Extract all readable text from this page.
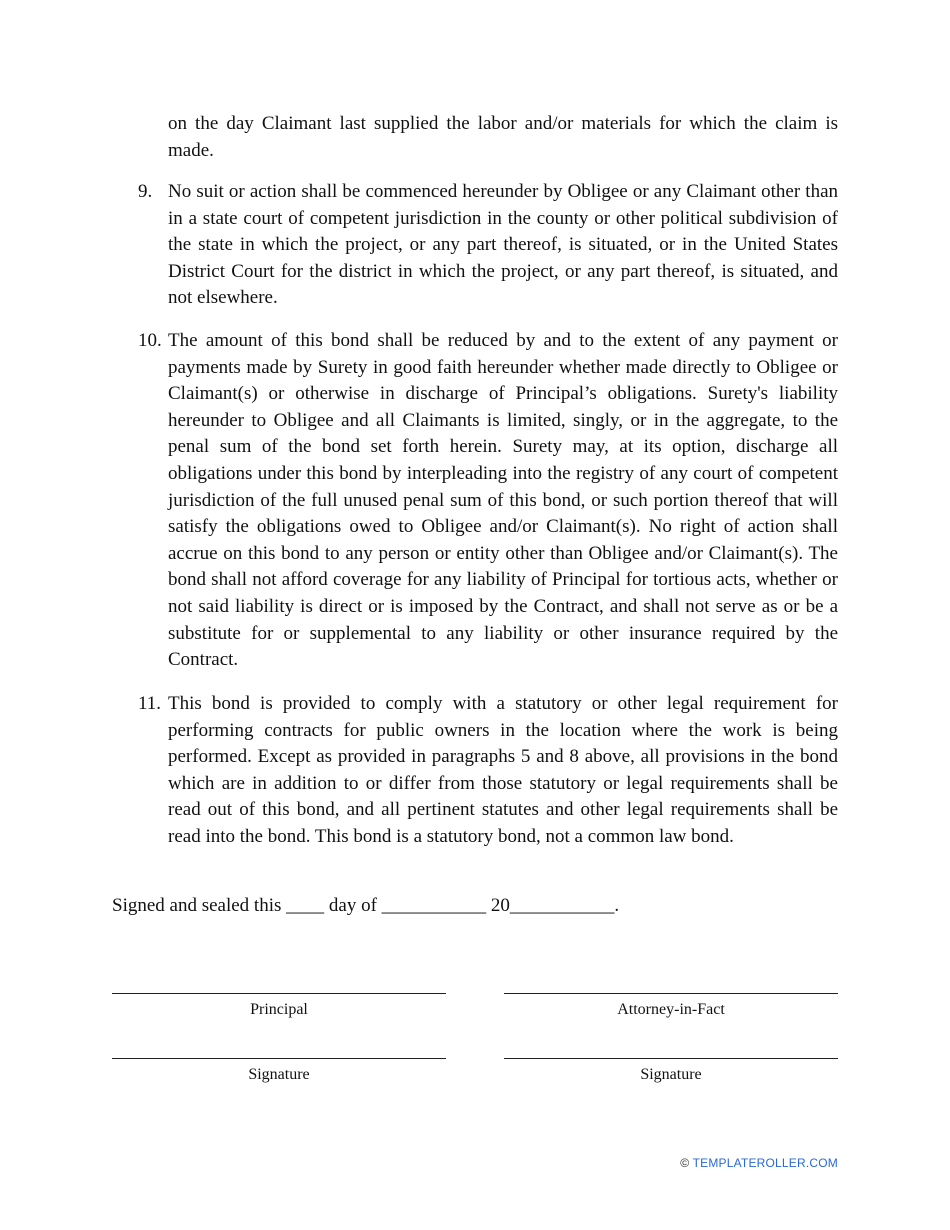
on the day Claimant last supplied the labor and/or materials for which the claim is made.
9. No suit or action shall be commenced hereunder by Obligee or any Claimant other than in a state court of competent jurisdiction in the county or other political subdivision of the state in which the project, or any part thereof, is situated, or in the United States District Court for the district in which the project, or any part thereof, is situated, and not elsewhere.
10. The amount of this bond shall be reduced by and to the extent of any payment or payments made by Surety in good faith hereunder whether made directly to Obligee or Claimant(s) or otherwise in discharge of Principal’s obligations. Surety's liability hereunder to Obligee and all Claimants is limited, singly, or in the aggregate, to the penal sum of the bond set forth herein. Surety may, at its option, discharge all obligations under this bond by interpleading into the registry of any court of competent jurisdiction of the full unused penal sum of this bond, or such portion thereof that will satisfy the obligations owed to Obligee and/or Claimant(s). No right of action shall accrue on this bond to any person or entity other than Obligee and/or Claimant(s). The bond shall not afford coverage for any liability of Principal for tortious acts, whether or not said liability is direct or is imposed by the Contract, and shall not serve as or be a substitute for or supplemental to any liability or other insurance required by the Contract.
11. This bond is provided to comply with a statutory or other legal requirement for performing contracts for public owners in the location where the work is being performed. Except as provided in paragraphs 5 and 8 above, all provisions in the bond which are in addition to or differ from those statutory or legal requirements shall be read out of this bond, and all pertinent statutes and other legal requirements shall be read into the bond. This bond is a statutory bond, not a common law bond.
Signed and sealed this ____ day of ___________ 20___________.
Principal	Attorney-in-Fact
Signature	Signature
© TEMPLATEROLLER.COM
